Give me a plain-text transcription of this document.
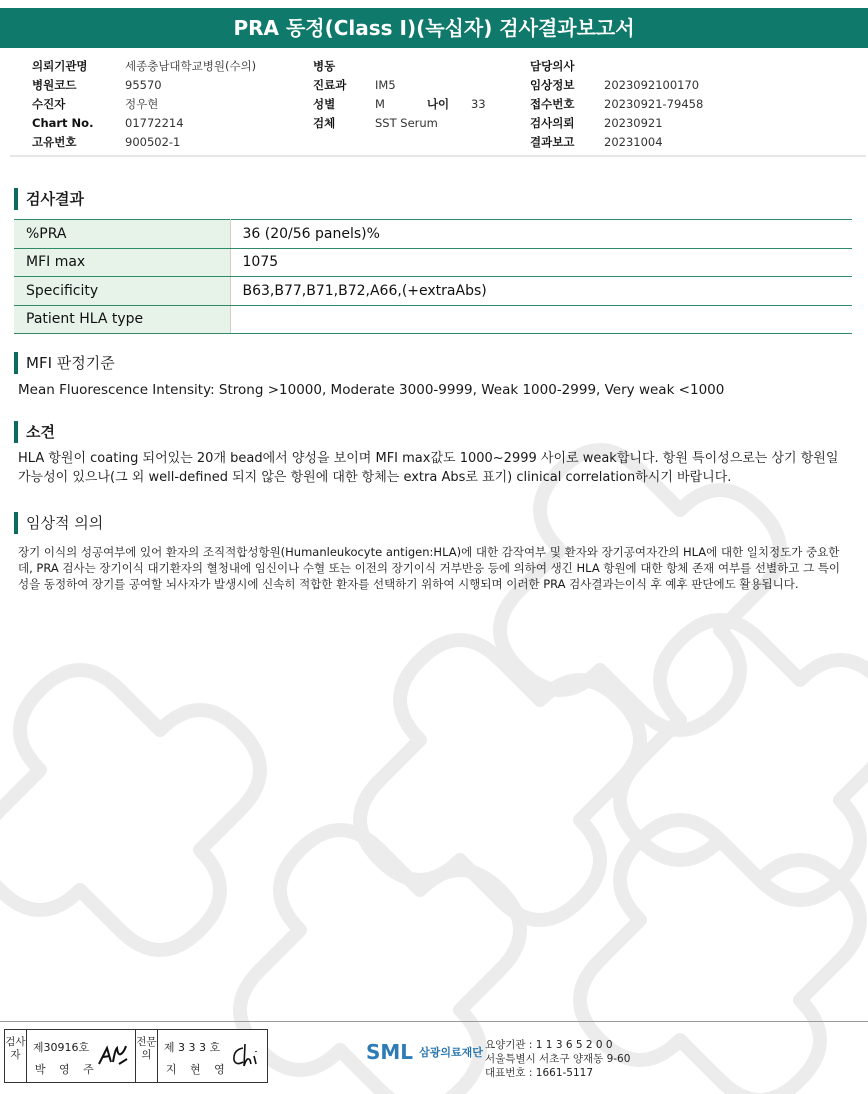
PRA 동정(Class I)(녹십자) 검사결과보고서
의뢰기관명	세종충남대학교병원(수의)
병원코드	95570
수진자	정우현
Chart No.	01772214
고유번호	900502-1
병동
진료과	IM5
성별	M	나이	33
검체	SST Serum
담당의사
임상정보	2023092100170
접수번호	20230921-79458
검사의뢰	20230921
결과보고	20231004
검사결과
%PRA	36 (20/56 panels)%
MFI max	1075
Specificity	B63,B77,B71,B72,A66,(+extraAbs)
Patient HLA type	
MFI 판정기준
Mean Fluorescence Intensity: Strong >10000, Moderate 3000-9999, Weak 1000-2999, Very weak <1000
소견
HLA 항원이 coating 되어있는 20개 bead에서 양성을 보이며 MFI max값도 1000~2999 사이로 weak합니다. 항원 특이성으로는 상기 항원일 가능성이 있으나(그 외 well-defined 되지 않은 항원에 대한 항체는 extra Abs로 표기) clinical correlation하시기 바랍니다.
임상적 의의
장기 이식의 성공여부에 있어 환자의 조직적합성항원(Humanleukocyte antigen:HLA)에 대한 감작여부 및 환자와 장기공여자간의 HLA에 대한 일치정도가 중요한데, PRA 검사는 장기이식 대기환자의 혈청내에 임신이나 수혈 또는 이전의 장기이식 거부반응 등에 의하여 생긴 HLA 항원에 대한 항체 존재 여부를 선별하고 그 특이성을 동정하여 장기를 공여할 뇌사자가 발생시에 신속히 적합한 환자를 선택하기 위하여 시행되며 이러한 PRA 검사결과는이식 후 예후 판단에도 활용됩니다.
검사자
제30916호
박 영 주
전문의
제 3 3 3 호
지 현 영
SML 삼광의료재단
요양기관 : 1 1 3 6 5 2 0 0
서울특별시 서초구 양재동 9-60
대표번호 : 1661-5117
